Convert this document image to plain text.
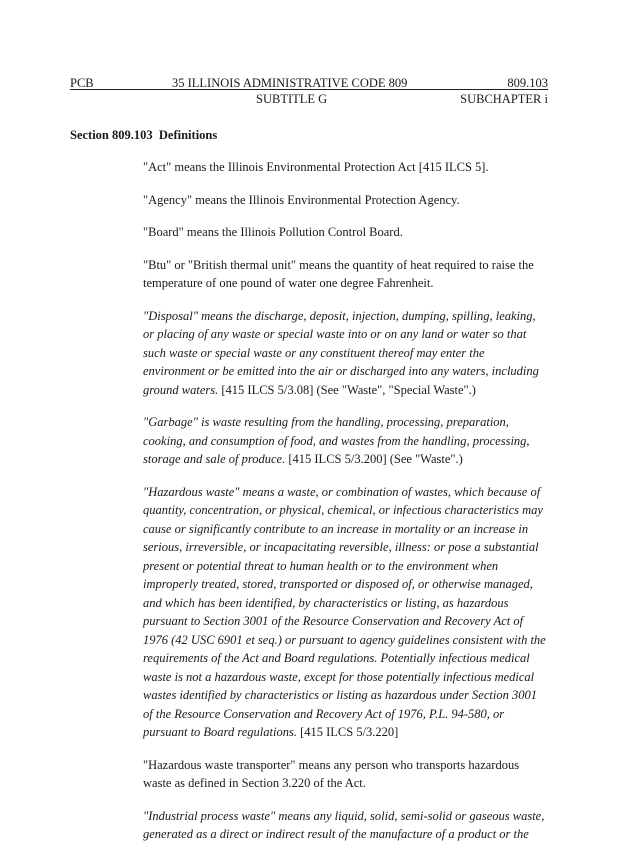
PCB	35 ILLINOIS ADMINISTRATIVE CODE 809	809.103
SUBTITLE G	SUBCHAPTER i
Section 809.103 Definitions

"Act" means the Illinois Environmental Protection Act [415 ILCS 5].

"Agency" means the Illinois Environmental Protection Agency.

"Board" means the Illinois Pollution Control Board.

"Btu" or "British thermal unit" means the quantity of heat required to raise the temperature of one pound of water one degree Fahrenheit.

"Disposal" means the discharge, deposit, injection, dumping, spilling, leaking, or placing of any waste or special waste into or on any land or water so that such waste or special waste or any constituent thereof may enter the environment or be emitted into the air or discharged into any waters, including ground waters. [415 ILCS 5/3.08] (See "Waste", "Special Waste".)

"Garbage" is waste resulting from the handling, processing, preparation, cooking, and consumption of food, and wastes from the handling, processing, storage and sale of produce. [415 ILCS 5/3.200] (See "Waste".)

"Hazardous waste" means a waste, or combination of wastes, which because of quantity, concentration, or physical, chemical, or infectious characteristics may cause or significantly contribute to an increase in mortality or an increase in serious, irreversible, or incapacitating reversible, illness: or pose a substantial present or potential threat to human health or to the environment when improperly treated, stored, transported or disposed of, or otherwise managed, and which has been identified, by characteristics or listing, as hazardous pursuant to Section 3001 of the Resource Conservation and Recovery Act of 1976 (42 USC 6901 et seq.) or pursuant to agency guidelines consistent with the requirements of the Act and Board regulations. Potentially infectious medical waste is not a hazardous waste, except for those potentially infectious medical wastes identified by characteristics or listing as hazardous under Section 3001 of the Resource Conservation and Recovery Act of 1976, P.L. 94-580, or pursuant to Board regulations. [415 ILCS 5/3.220]

"Hazardous waste transporter" means any person who transports hazardous waste as defined in Section 3.220 of the Act.

"Industrial process waste" means any liquid, solid, semi-solid or gaseous waste, generated as a direct or indirect result of the manufacture of a product or the
